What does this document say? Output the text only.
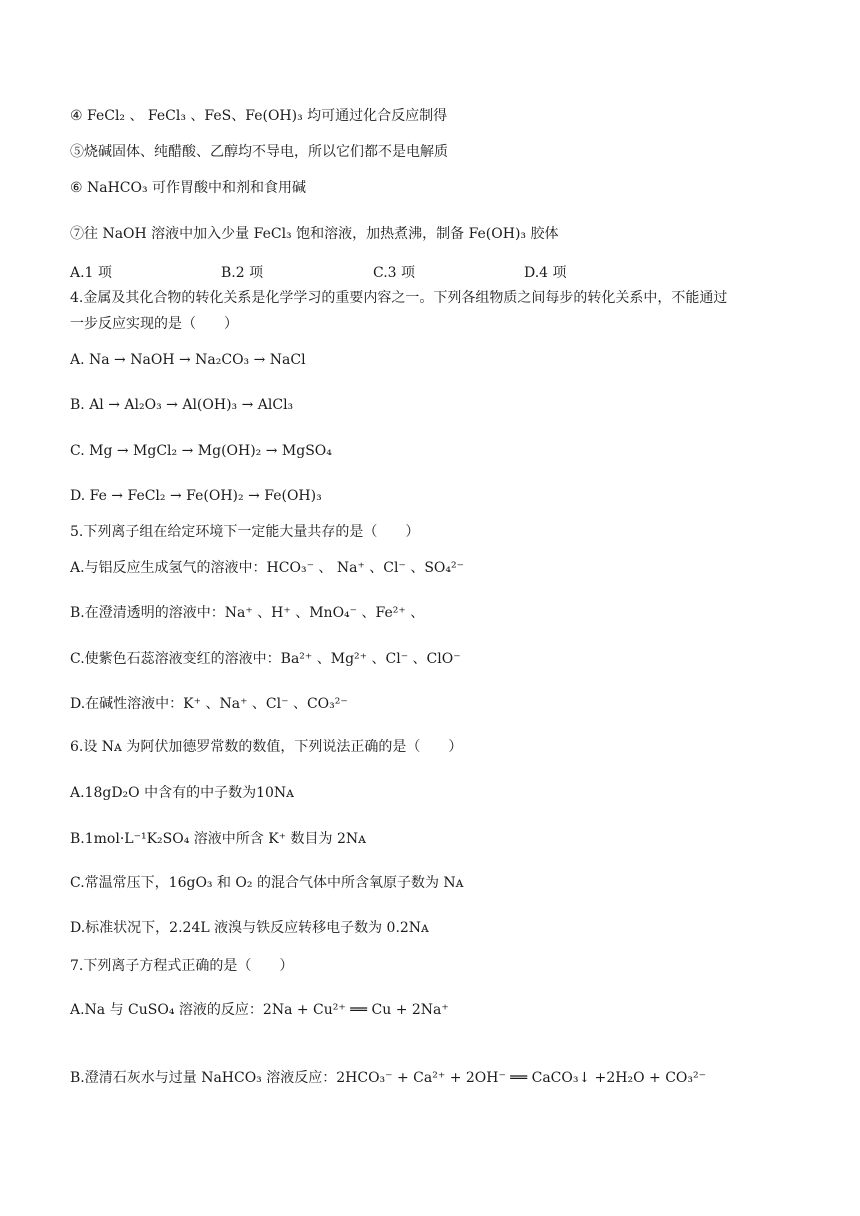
④ FeCl₂ 、 FeCl₃ 、FeS、Fe(OH)₃ 均可通过化合反应制得
⑤烧碱固体、纯醋酸、乙醇均不导电，所以它们都不是电解质
⑥ NaHCO₃ 可作胃酸中和剂和食用碱
⑦往 NaOH 溶液中加入少量 FeCl₃ 饱和溶液，加热煮沸，制备 Fe(OH)₃ 胶体
A.1 项	B.2 项	C.3 项	D.4 项
4.金属及其化合物的转化关系是化学学习的重要内容之一。下列各组物质之间每步的转化关系中，不能通过
一步反应实现的是（　　）
A. Na → NaOH → Na₂CO₃ → NaCl
B. Al → Al₂O₃ → Al(OH)₃ → AlCl₃
C. Mg → MgCl₂ → Mg(OH)₂ → MgSO₄
D. Fe → FeCl₂ → Fe(OH)₂ → Fe(OH)₃
5.下列离子组在给定环境下一定能大量共存的是（　　）
A.与铝反应生成氢气的溶液中：HCO₃⁻ 、 Na⁺ 、Cl⁻ 、SO₄²⁻
B.在澄清透明的溶液中：Na⁺ 、H⁺ 、MnO₄⁻ 、Fe²⁺ 、
C.使紫色石蕊溶液变红的溶液中：Ba²⁺ 、Mg²⁺ 、Cl⁻ 、ClO⁻
D.在碱性溶液中：K⁺ 、Na⁺ 、Cl⁻ 、CO₃²⁻
6.设 Nᴀ 为阿伏加德罗常数的数值，下列说法正确的是（　　）
A.18gD₂O 中含有的中子数为10Nᴀ
B.1mol·L⁻¹K₂SO₄ 溶液中所含 K⁺ 数目为 2Nᴀ
C.常温常压下，16gO₃ 和 O₂ 的混合气体中所含氧原子数为 Nᴀ
D.标准状况下，2.24L 液溴与铁反应转移电子数为 0.2Nᴀ
7.下列离子方程式正确的是（　　）
A.Na 与 CuSO₄ 溶液的反应：2Na + Cu²⁺ ══ Cu + 2Na⁺
B.澄清石灰水与过量 NaHCO₃ 溶液反应：2HCO₃⁻ + Ca²⁺ + 2OH⁻ ══ CaCO₃↓ +2H₂O + CO₃²⁻
